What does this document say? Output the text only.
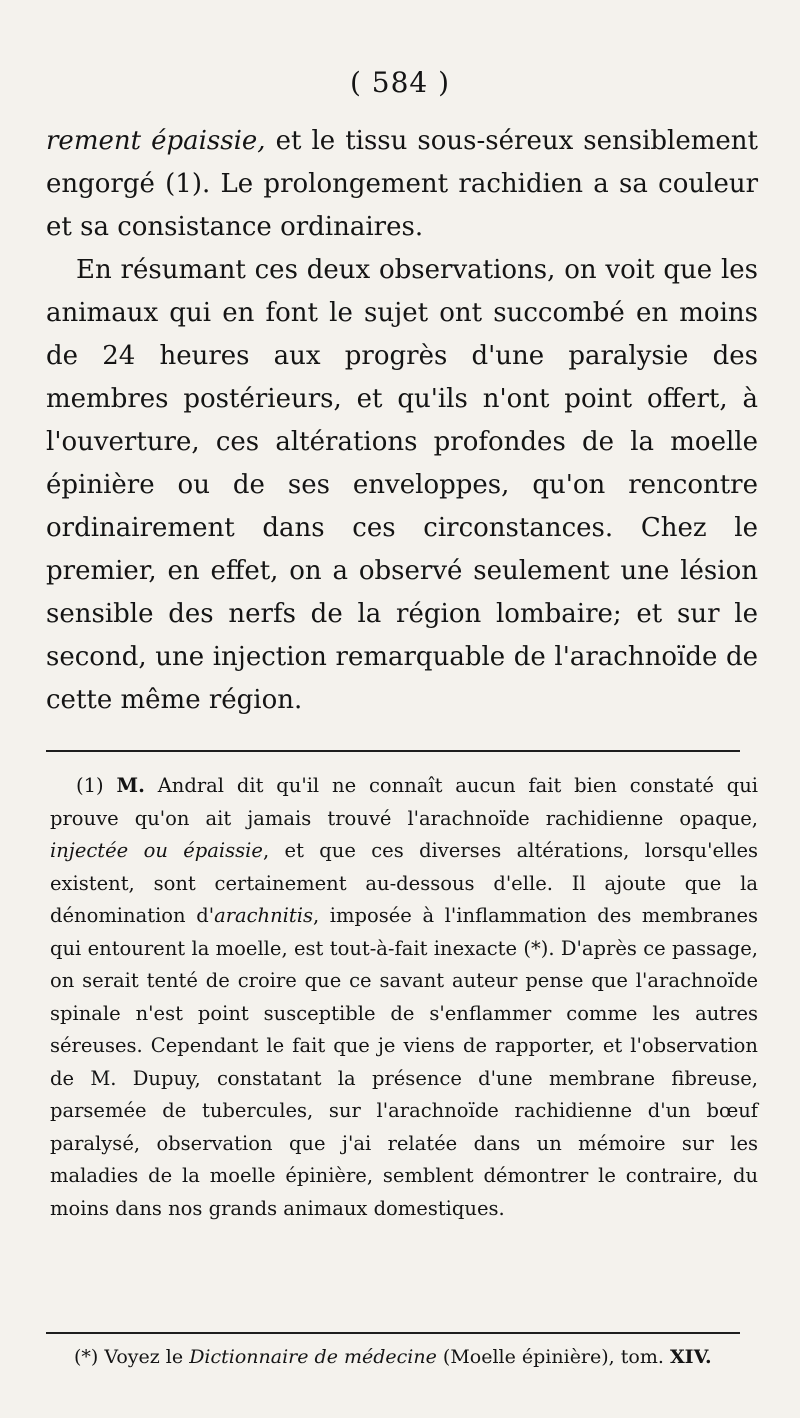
( 584 )

rement épaissie, et le tissu sous-séreux sensiblement engorgé (1). Le prolongement rachidien a sa couleur et sa consistance ordinaires.

En résumant ces deux observations, on voit que les animaux qui en font le sujet ont succombé en moins de 24 heures aux progrès d'une paralysie des membres postérieurs, et qu'ils n'ont point offert, à l'ouverture, ces altérations profondes de la moelle épinière ou de ses enveloppes, qu'on rencontre ordinairement dans ces circonstances. Chez le premier, en effet, on a observé seulement une lésion sensible des nerfs de la région lombaire; et sur le second, une injection remarquable de l'arachnoïde de cette même région.

(1) M. Andral dit qu'il ne connaît aucun fait bien constaté qui prouve qu'on ait jamais trouvé l'arachnoïde rachidienne opaque, injectée ou épaissie, et que ces diverses altérations, lorsqu'elles existent, sont certainement au-dessous d'elle. Il ajoute que la dénomination d'arachnitis, imposée à l'inflammation des membranes qui entourent la moelle, est tout-à-fait inexacte (*). D'après ce passage, on serait tenté de croire que ce savant auteur pense que l'arachnoïde spinale n'est point susceptible de s'enflammer comme les autres séreuses. Cependant le fait que je viens de rapporter, et l'observation de M. Dupuy, constatant la présence d'une membrane fibreuse, parsemée de tubercules, sur l'arachnoïde rachidienne d'un bœuf paralysé, observation que j'ai relatée dans un mémoire sur les maladies de la moelle épinière, semblent démontrer le contraire, du moins dans nos grands animaux domestiques.
(*) Voyez le Dictionnaire de médecine (Moelle épinière), tom. XIV.
